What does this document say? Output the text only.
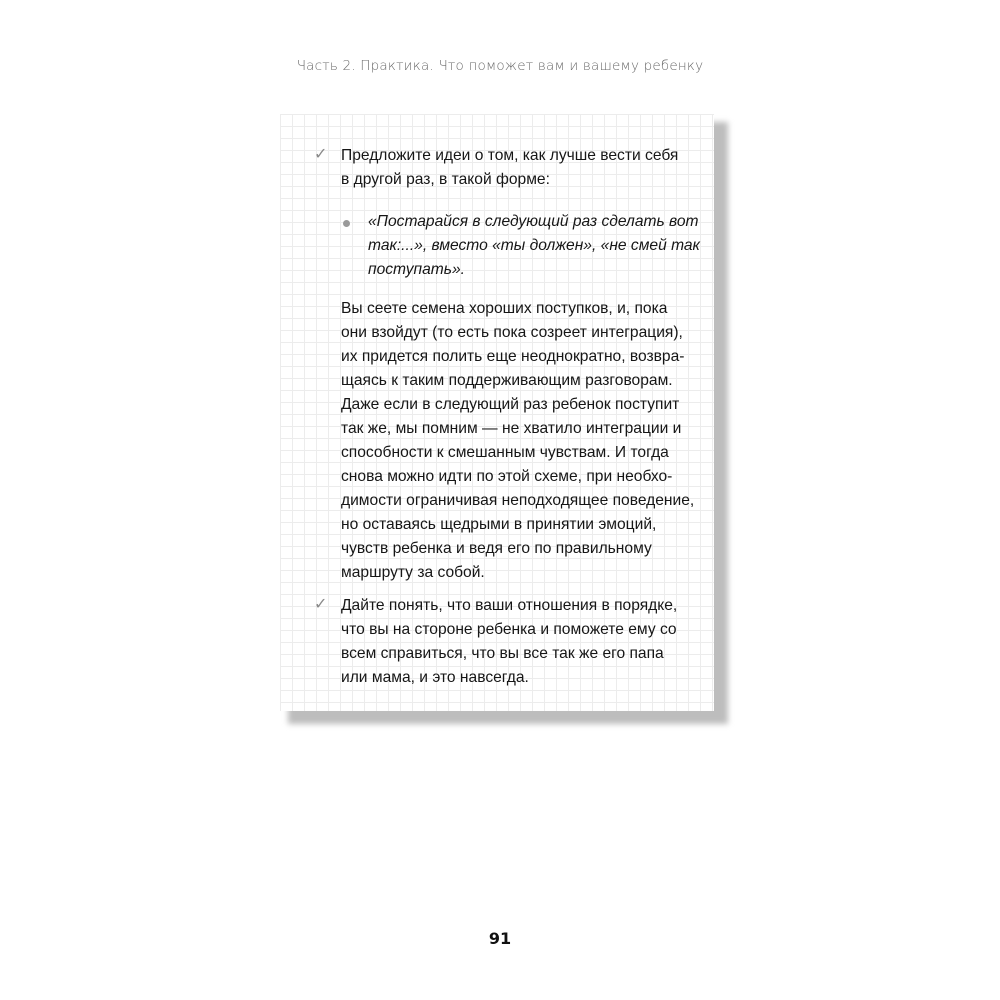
Часть 2. Практика. Что поможет вам и вашему ребенку
✓ Предложите идеи о том, как лучше вести себя
в другой раз, в такой форме:
«Постарайся в следующий раз сделать вот
так:...», вместо «ты должен», «не смей так
поступать».
Вы сеете семена хороших поступков, и, пока
они взойдут (то есть пока созреет интеграция),
их придется полить еще неоднократно, возвра-
щаясь к таким поддерживающим разговорам.
Даже если в следующий раз ребенок поступит
так же, мы помним — не хватило интеграции и
способности к смешанным чувствам. И тогда
снова можно идти по этой схеме, при необхо-
димости ограничивая неподходящее поведение,
но оставаясь щедрыми в принятии эмоций,
чувств ребенка и ведя его по правильному
маршруту за собой.
✓ Дайте понять, что ваши отношения в порядке,
что вы на стороне ребенка и поможете ему со
всем справиться, что вы все так же его папа
или мама, и это навсегда.
91
